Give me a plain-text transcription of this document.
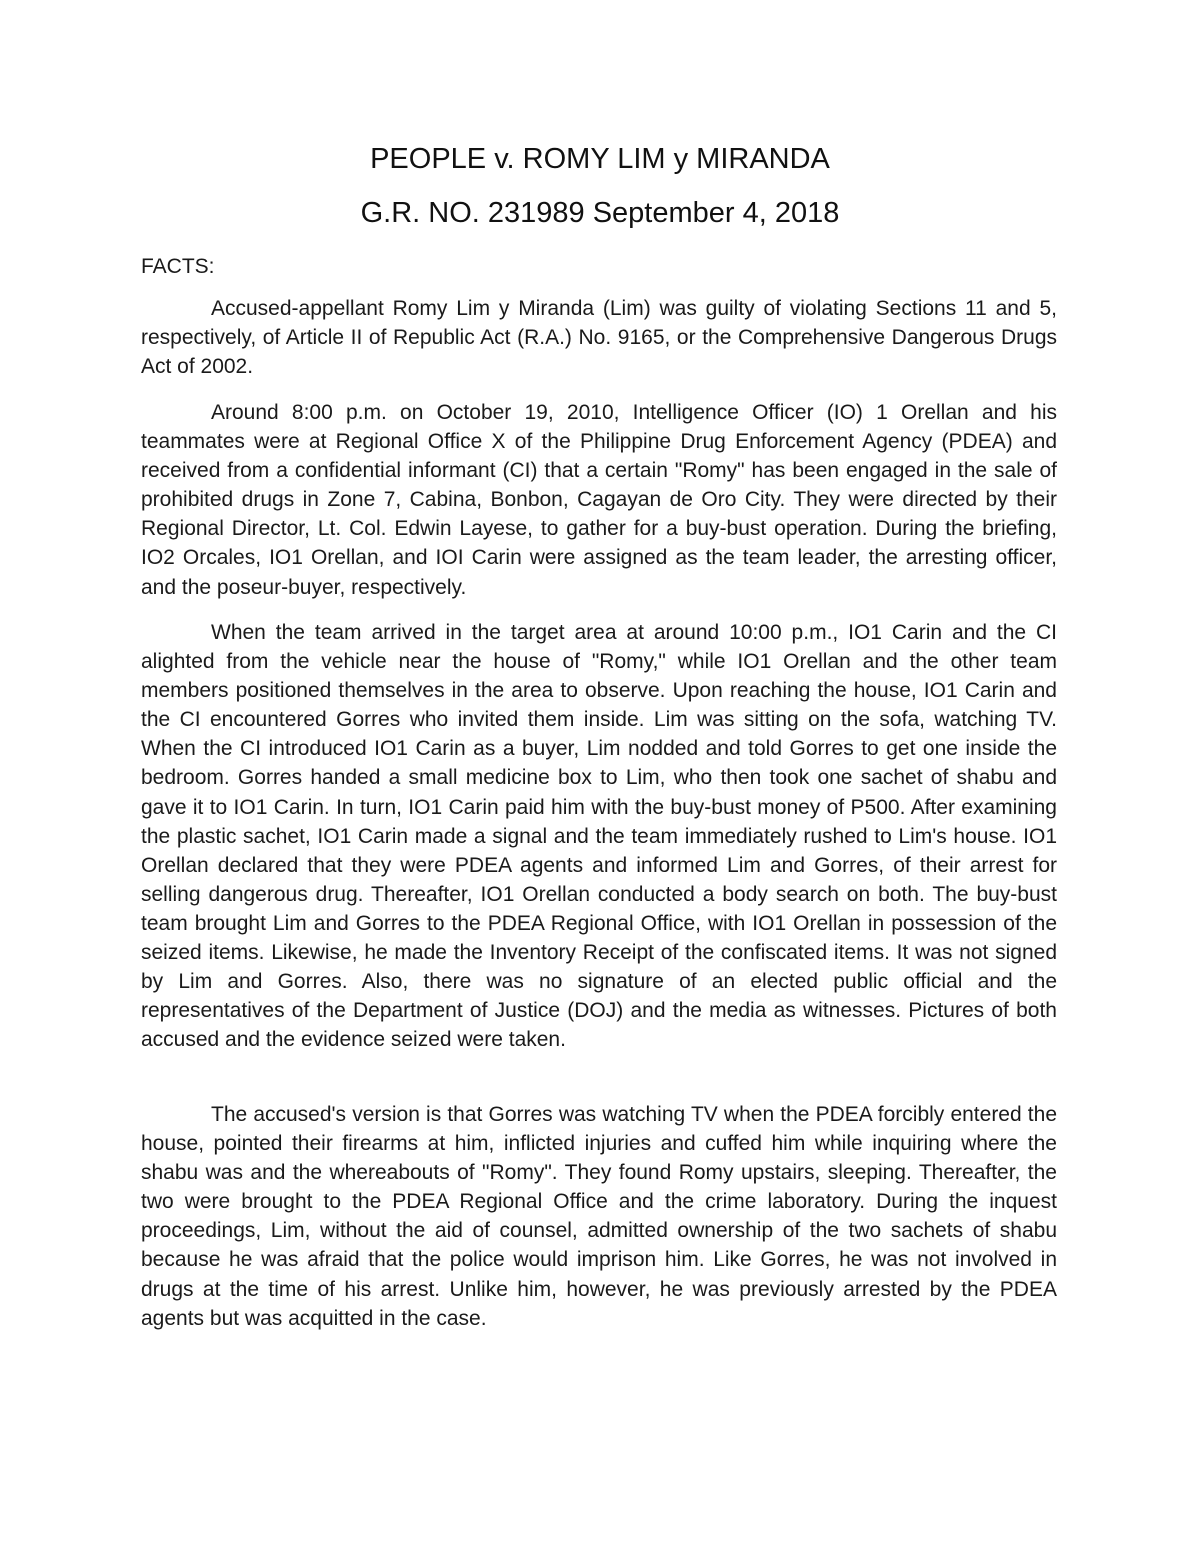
PEOPLE v. ROMY LIM y MIRANDA
G.R. NO. 231989 September 4, 2018

FACTS:

Accused-appellant Romy Lim y Miranda (Lim) was guilty of violating Sections 11 and 5, respectively, of Article II of Republic Act (R.A.) No. 9165, or the Comprehensive Dangerous Drugs Act of 2002.

Around 8:00 p.m. on October 19, 2010, Intelligence Officer (IO) 1 Orellan and his teammates were at Regional Office X of the Philippine Drug Enforcement Agency (PDEA) and received from a confidential informant (CI) that a certain "Romy" has been engaged in the sale of prohibited drugs in Zone 7, Cabina, Bonbon, Cagayan de Oro City. They were directed by their Regional Director, Lt. Col. Edwin Layese, to gather for a buy-bust operation. During the briefing, IO2 Orcales, IO1 Orellan, and IOI Carin were assigned as the team leader, the arresting officer, and the poseur-buyer, respectively.

When the team arrived in the target area at around 10:00 p.m., IO1 Carin and the CI alighted from the vehicle near the house of "Romy," while IO1 Orellan and the other team members positioned themselves in the area to observe. Upon reaching the house, IO1 Carin and the CI encountered Gorres who invited them inside. Lim was sitting on the sofa, watching TV. When the CI introduced IO1 Carin as a buyer, Lim nodded and told Gorres to get one inside the bedroom. Gorres handed a small medicine box to Lim, who then took one sachet of shabu and gave it to IO1 Carin. In turn, IO1 Carin paid him with the buy-bust money of P500. After examining the plastic sachet, IO1 Carin made a signal and the team immediately rushed to Lim's house. IO1 Orellan declared that they were PDEA agents and informed Lim and Gorres, of their arrest for selling dangerous drug. Thereafter, IO1 Orellan conducted a body search on both. The buy-bust team brought Lim and Gorres to the PDEA Regional Office, with IO1 Orellan in possession of the seized items. Likewise, he made the Inventory Receipt of the confiscated items. It was not signed by Lim and Gorres. Also, there was no signature of an elected public official and the representatives of the Department of Justice (DOJ) and the media as witnesses. Pictures of both accused and the evidence seized were taken.

The accused's version is that Gorres was watching TV when the PDEA forcibly entered the house, pointed their firearms at him, inflicted injuries and cuffed him while inquiring where the shabu was and the whereabouts of "Romy". They found Romy upstairs, sleeping. Thereafter, the two were brought to the PDEA Regional Office and the crime laboratory. During the inquest proceedings, Lim, without the aid of counsel, admitted ownership of the two sachets of shabu because he was afraid that the police would imprison him. Like Gorres, he was not involved in drugs at the time of his arrest. Unlike him, however, he was previously arrested by the PDEA agents but was acquitted in the case.
